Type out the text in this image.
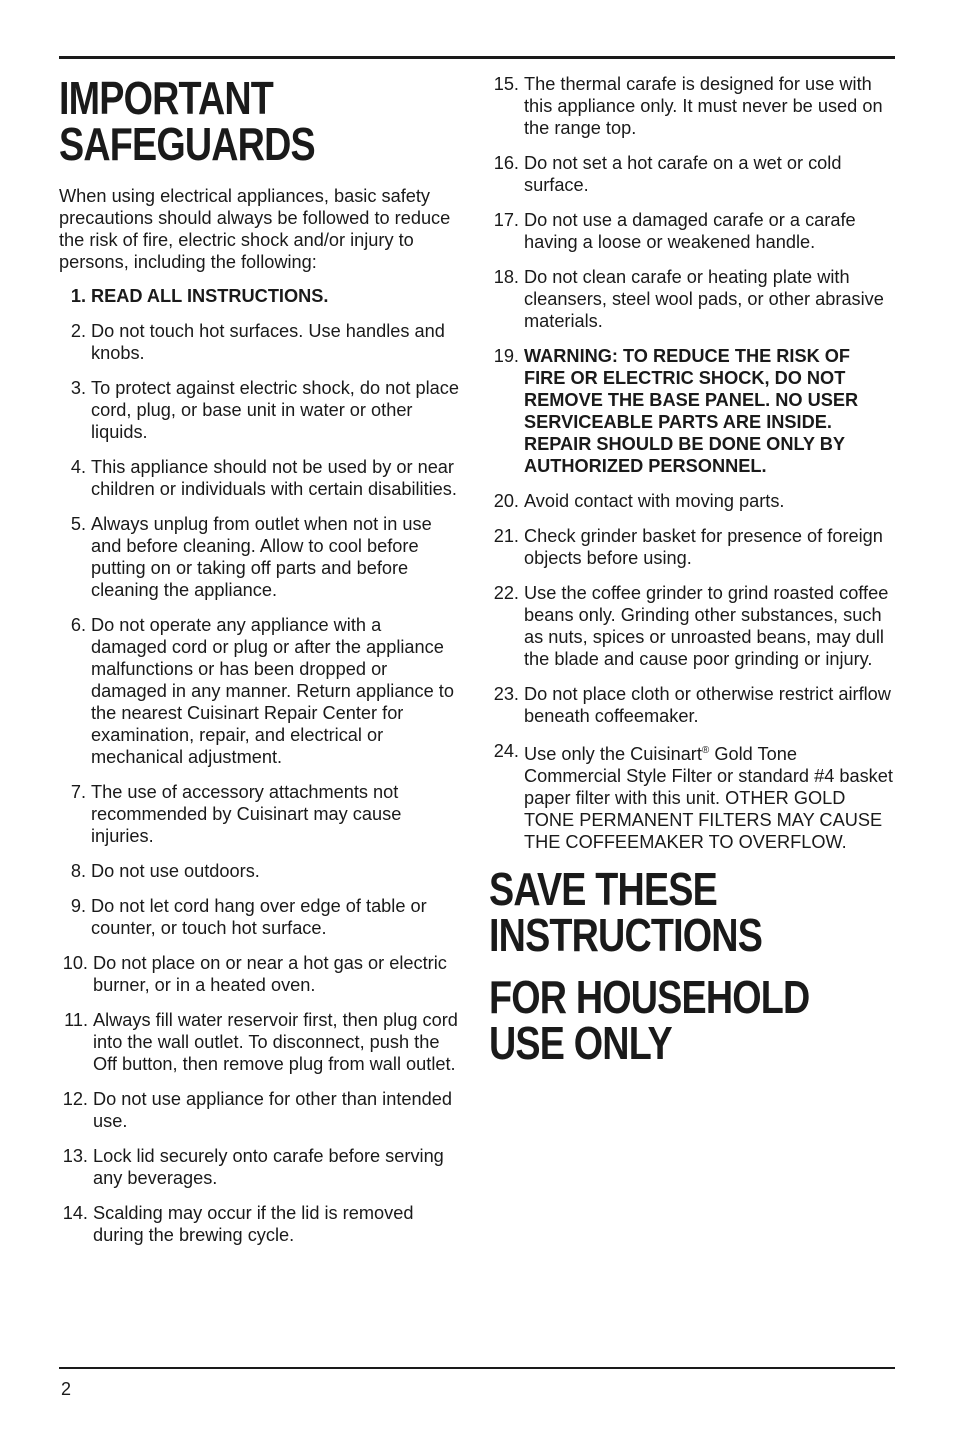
IMPORTANT
SAFEGUARDS

When using electrical appliances, basic safety precautions should always be followed to reduce the risk of fire, electric shock and/or injury to persons, including the following:

1. READ ALL INSTRUCTIONS.
2. Do not touch hot surfaces. Use handles and knobs.
3. To protect against electric shock, do not place cord, plug, or base unit in water or other liquids.
4. This appliance should not be used by or near children or individuals with certain disabilities.
5. Always unplug from outlet when not in use and before cleaning. Allow to cool before putting on or taking off parts and before cleaning the appliance.
6. Do not operate any appliance with a damaged cord or plug or after the appliance malfunctions or has been dropped or damaged in any manner. Return appliance to the nearest Cuisinart Repair Center for examination, repair, and electrical or mechanical adjustment.
7. The use of accessory attachments not recommended by Cuisinart may cause injuries.
8. Do not use outdoors.
9. Do not let cord hang over edge of table or counter, or touch hot surface.
10. Do not place on or near a hot gas or electric burner, or in a heated oven.
11. Always fill water reservoir first, then plug cord into the wall outlet. To disconnect, push the Off button, then remove plug from wall outlet.
12. Do not use appliance for other than intended use.
13. Lock lid securely onto carafe before serving any beverages.
14. Scalding may occur if the lid is removed during the brewing cycle.
15. The thermal carafe is designed for use with this appliance only. It must never be used on the range top.
16. Do not set a hot carafe on a wet or cold surface.
17. Do not use a damaged carafe or a carafe having a loose or weakened handle.
18. Do not clean carafe or heating plate with cleansers, steel wool pads, or other abrasive materials.
19. WARNING: TO REDUCE THE RISK OF FIRE OR ELECTRIC SHOCK, DO NOT REMOVE THE BASE PANEL. NO USER SERVICEABLE PARTS ARE INSIDE. REPAIR SHOULD BE DONE ONLY BY AUTHORIZED PERSONNEL.
20. Avoid contact with moving parts.
21. Check grinder basket for presence of foreign objects before using.
22. Use the coffee grinder to grind roasted coffee beans only. Grinding other substances, such as nuts, spices or unroasted beans, may dull the blade and cause poor grinding or injury.
23. Do not place cloth or otherwise restrict airflow beneath coffeemaker.
24. Use only the Cuisinart® Gold Tone Commercial Style Filter or standard #4 basket paper filter with this unit. OTHER GOLD TONE PERMANENT FILTERS MAY CAUSE THE COFFEEMAKER TO OVERFLOW.
SAVE THESE
INSTRUCTIONS
FOR HOUSEHOLD
USE ONLY
2
